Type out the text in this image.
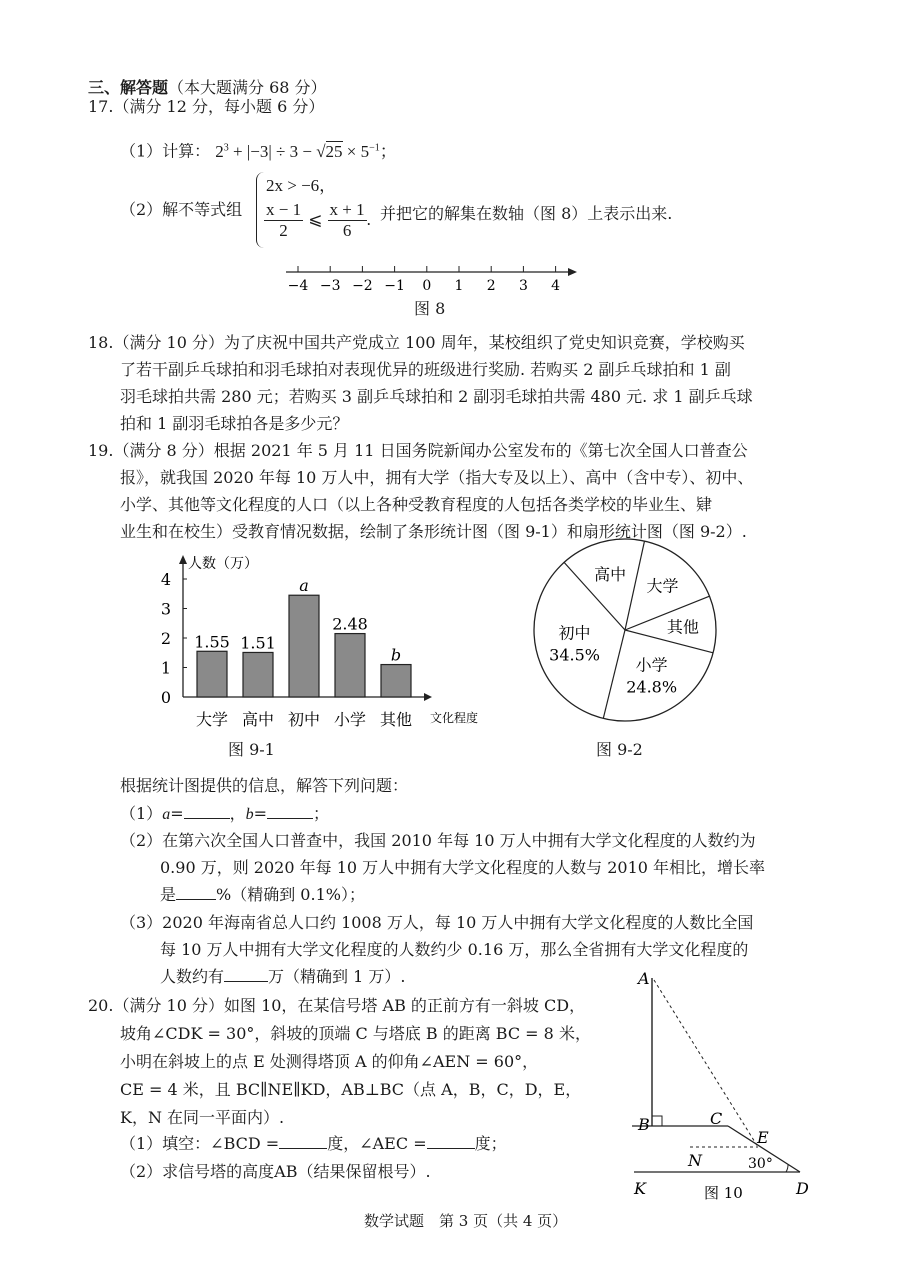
三、解答题（本大题满分 68 分）
17.（满分 12 分，每小题 6 分）
（1）计算： $2^3 + |-3| \div 3 - √25 \times 5^{-1}$；
（2）解不等式组
2x > −6，
$\frac{x - 1}{2}$ ⩽ $\frac{x + 1}{6}$ . 并把它的解集在数轴（图 8）上表示出来.
−4 −3 −2 −1 0 1 2 3 4
人数（万）
文化程度
0
1
2
3
4
1.55
大学
1.51
高中
a
初中
2.48
小学
b
其他
高中
大学
其他
小学
24.8%
初中
34.5%
A
B	C
E
N
K	D
30°
图 10
图 8
18.（满分 10 分）为了庆祝中国共产党成立 100 周年，某校组织了党史知识竞赛，学校购买
了若干副乒乓球拍和羽毛球拍对表现优异的班级进行奖励. 若购买 2 副乒乓球拍和 1 副
羽毛球拍共需 280 元；若购买 3 副乒乓球拍和 2 副羽毛球拍共需 480 元. 求 1 副乒乓球
拍和 1 副羽毛球拍各是多少元？
19.（满分 8 分）根据 2021 年 5 月 11 日国务院新闻办公室发布的《第七次全国人口普查公
报》，就我国 2020 年每 10 万人中，拥有大学（指大专及以上）、高中（含中专）、初中、
小学、其他等文化程度的人口（以上各种受教育程度的人包括各类学校的毕业生、肄
业生和在校生）受教育情况数据，绘制了条形统计图（图 9-1）和扇形统计图（图 9-2）.
图 9-1	图 9-2
根据统计图提供的信息，解答下列问题：
（1）a=	，b=	；
（2）在第六次全国人口普查中，我国 2010 年每 10 万人中拥有大学文化程度的人数约为
0.90 万，则 2020 年每 10 万人中拥有大学文化程度的人数与 2010 年相比，增长率
是	%（精确到 0.1%）；
（3）2020 年海南省总人口约 1008 万人，每 10 万人中拥有大学文化程度的人数比全国
每 10 万人中拥有大学文化程度的人数约少 0.16 万，那么全省拥有大学文化程度的
人数约有	万（精确到 1 万）.
20.（满分 10 分）如图 10，在某信号塔 AB 的正前方有一斜坡 CD，
坡角∠CDK = 30°，斜坡的顶端 C 与塔底 B 的距离 BC = 8 米，
小明在斜坡上的点 E 处测得塔顶 A 的仰角∠AEN = 60°，
CE = 4 米，且 BC∥NE∥KD，AB⊥BC（点 A，B，C，D，E，
K，N 在同一平面内）.
（1）填空：∠BCD =	度，∠AEC =	度；
（2）求信号塔的高度AB（结果保留根号）.
数学试题　第 3 页（共 4 页）
